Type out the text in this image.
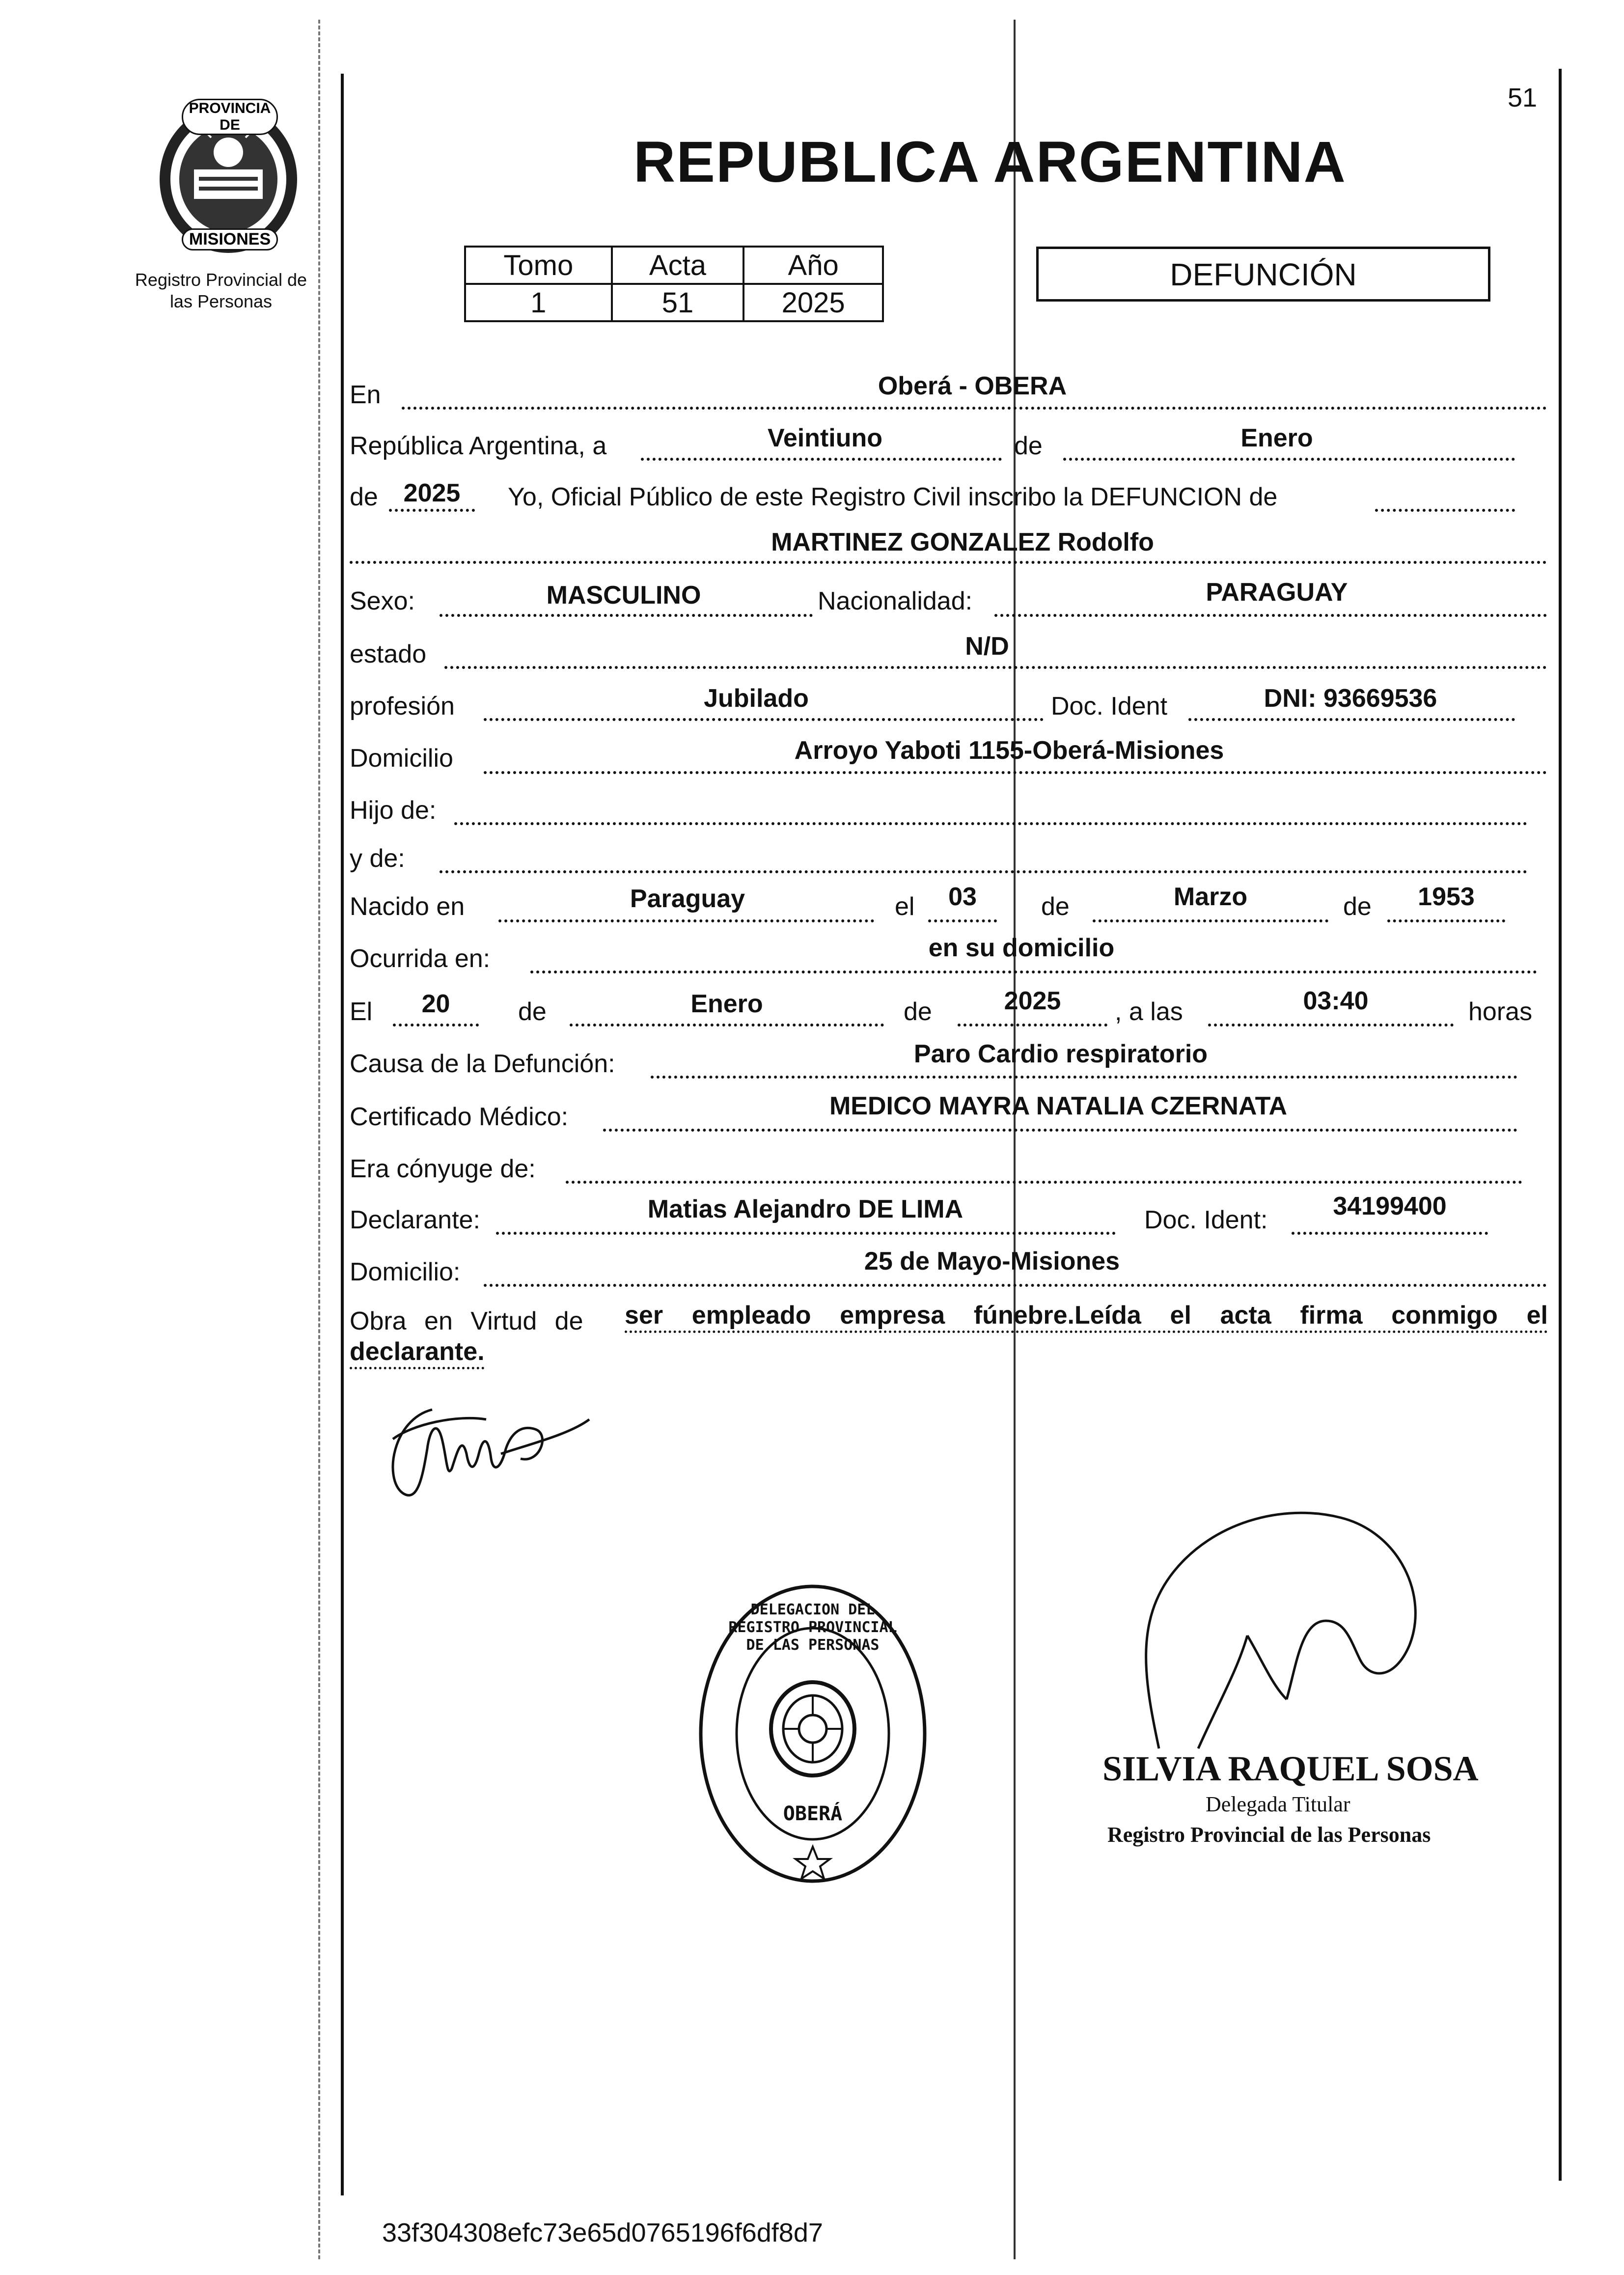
PROVINCIA DE
MISIONES
Registro Provincial de
las Personas
51
REPUBLICA ARGENTINA
Tomo	Acta	Año
1	51	2025
DEFUNCIÓN
En	Oberá - OBERA
República Argentina, a	Veintiuno	de	Enero
de 2025	Yo, Oficial Público de este Registro Civil inscribo la DEFUNCION de
MARTINEZ GONZALEZ Rodolfo
Sexo:	MASCULINO	Nacionalidad:	PARAGUAY
estado	N/D
profesión	Jubilado	Doc. Ident	DNI: 93669536
Domicilio	Arroyo Yaboti 1155-Oberá-Misiones
Hijo de:
y de:
Nacido en	Paraguay	el	03	de	Marzo	de	1953
Ocurrida en:	en su domicilio
El	20	de	Enero	de	2025	, a las	03:40	horas
Causa de la Defunción:	Paro Cardio respiratorio
Certificado Médico:	MEDICO MAYRA NATALIA CZERNATA
Era cónyuge de:
Declarante:	Matias Alejandro DE LIMA	Doc. Ident:	34199400
Domicilio:	25 de Mayo-Misiones
Obra en Virtud de ser empleado empresa fúnebre.Leída el acta firma conmigo el
declarante.
DELEGACION DEL REGISTRO PROVINCIAL DE LAS PERSONAS
OBERÁ
SILVIA RAQUEL SOSA
Delegada Titular
Registro Provincial de las Personas
33f304308efc73e65d0765196f6df8d7
